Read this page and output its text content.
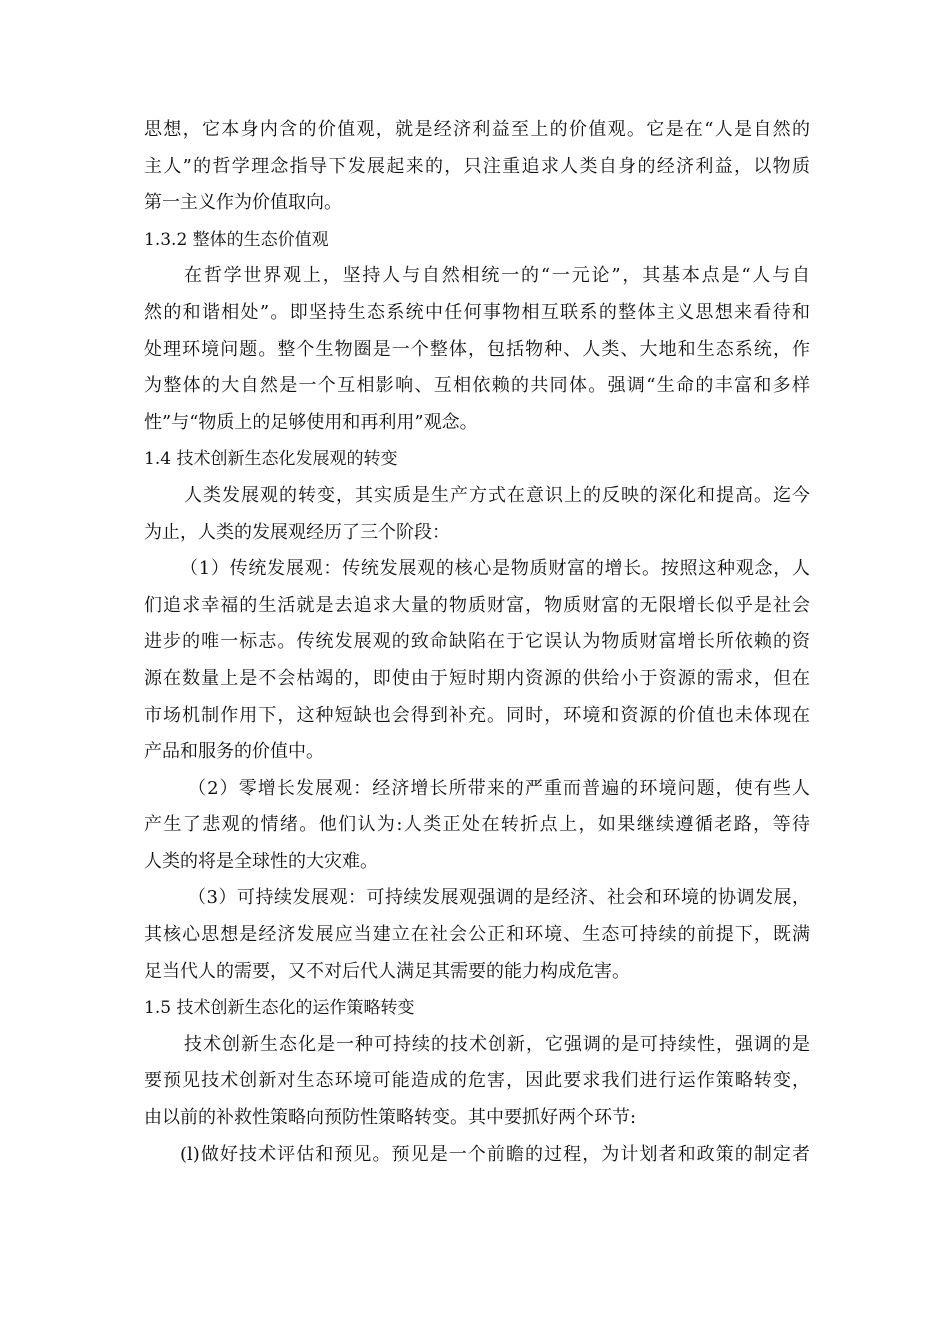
思想，它本身内含的价值观，就是经济利益至上的价值观。它是在“人是自然的
主人”的哲学理念指导下发展起来的，只注重追求人类自身的经济利益，以物质
第一主义作为价值取向。
1.3.2 整体的生态价值观
在哲学世界观上，坚持人与自然相统一的“一元论”，其基本点是“人与自
然的和谐相处”。即坚持生态系统中任何事物相互联系的整体主义思想来看待和
处理环境问题。整个生物圈是一个整体，包括物种、人类、大地和生态系统，作
为整体的大自然是一个互相影响、互相依赖的共同体。强调“生命的丰富和多样
性”与“物质上的足够使用和再利用”观念。
1.4 技术创新生态化发展观的转变
人类发展观的转变，其实质是生产方式在意识上的反映的深化和提高。迄今
为止，人类的发展观经历了三个阶段：
（1）传统发展观：传统发展观的核心是物质财富的增长。按照这种观念，人
们追求幸福的生活就是去追求大量的物质财富，物质财富的无限增长似乎是社会
进步的唯一标志。传统发展观的致命缺陷在于它误认为物质财富增长所依赖的资
源在数量上是不会枯竭的，即使由于短时期内资源的供给小于资源的需求，但在
市场机制作用下，这种短缺也会得到补充。同时，环境和资源的价值也未体现在
产品和服务的价值中。
（2）零增长发展观：经济增长所带来的严重而普遍的环境问题，使有些人
产生了悲观的情绪。他们认为:人类正处在转折点上，如果继续遵循老路，等待
人类的将是全球性的大灾难。
（3）可持续发展观：可持续发展观强调的是经济、社会和环境的协调发展，
其核心思想是经济发展应当建立在社会公正和环境、生态可持续的前提下，既满
足当代人的需要，又不对后代人满足其需要的能力构成危害。
1.5 技术创新生态化的运作策略转变
技术创新生态化是一种可持续的技术创新，它强调的是可持续性，强调的是
要预见技术创新对生态环境可能造成的危害，因此要求我们进行运作策略转变，
由以前的补救性策略向预防性策略转变。其中要抓好两个环节:
(l)做好技术评估和预见。预见是一个前瞻的过程，为计划者和政策的制定者
